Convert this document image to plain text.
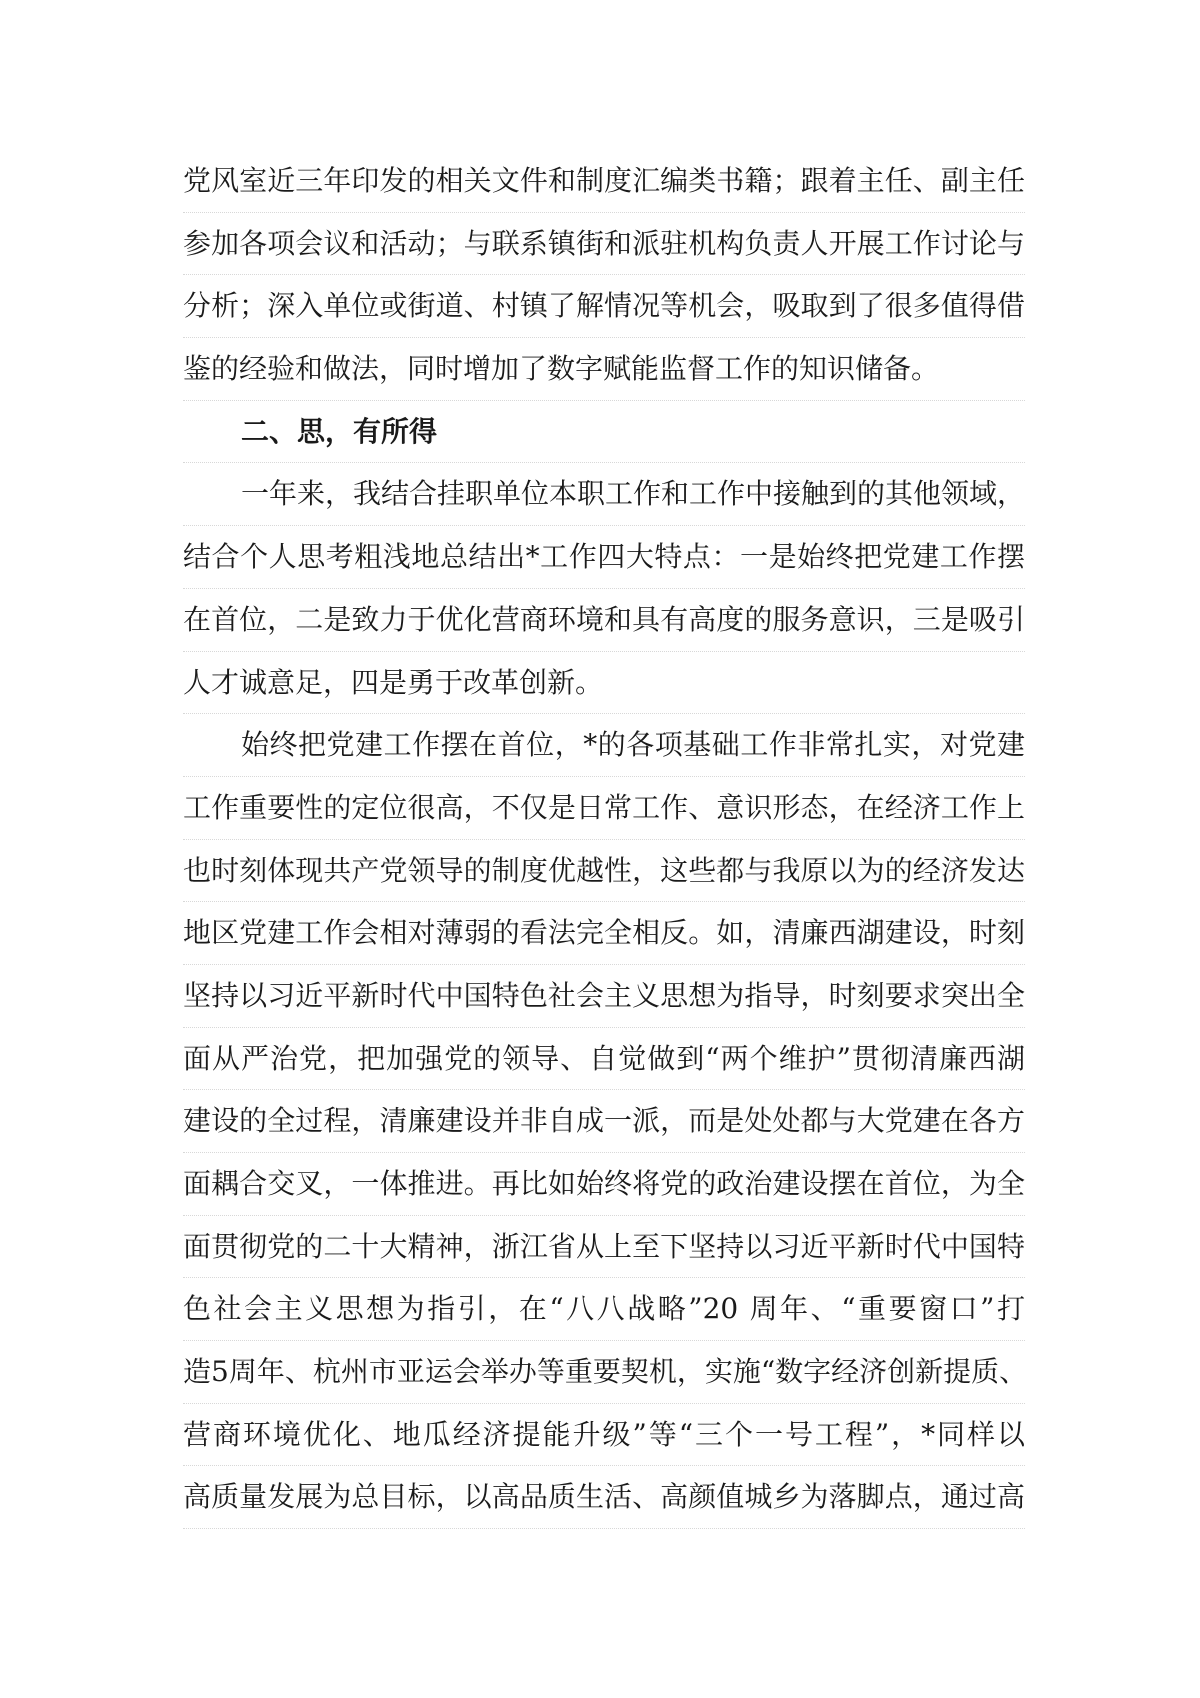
党风室近三年印发的相关文件和制度汇编类书籍；跟着主任、副主任
参加各项会议和活动；与联系镇街和派驻机构负责人开展工作讨论与
分析；深入单位或街道、村镇了解情况等机会，吸取到了很多值得借
鉴的经验和做法，同时增加了数字赋能监督工作的知识储备。
二、思，有所得
一年来，我结合挂职单位本职工作和工作中接触到的其他领域，
结合个人思考粗浅地总结出*工作四大特点：一是始终把党建工作摆
在首位，二是致力于优化营商环境和具有高度的服务意识，三是吸引
人才诚意足，四是勇于改革创新。
始终把党建工作摆在首位，*的各项基础工作非常扎实，对党建
工作重要性的定位很高，不仅是日常工作、意识形态，在经济工作上
也时刻体现共产党领导的制度优越性，这些都与我原以为的经济发达
地区党建工作会相对薄弱的看法完全相反。如，清廉西湖建设，时刻
坚持以习近平新时代中国特色社会主义思想为指导，时刻要求突出全
面从严治党，把加强党的领导、自觉做到“两个维护”贯彻清廉西湖
建设的全过程，清廉建设并非自成一派，而是处处都与大党建在各方
面耦合交叉，一体推进。再比如始终将党的政治建设摆在首位，为全
面贯彻党的二十大精神，浙江省从上至下坚持以习近平新时代中国特
色社会主义思想为指引，在“八八战略”20 周年、“重要窗口”打
造5周年、杭州市亚运会举办等重要契机，实施“数字经济创新提质、
营商环境优化、地瓜经济提能升级”等“三个一号工程”，*同样以
高质量发展为总目标，以高品质生活、高颜值城乡为落脚点，通过高
